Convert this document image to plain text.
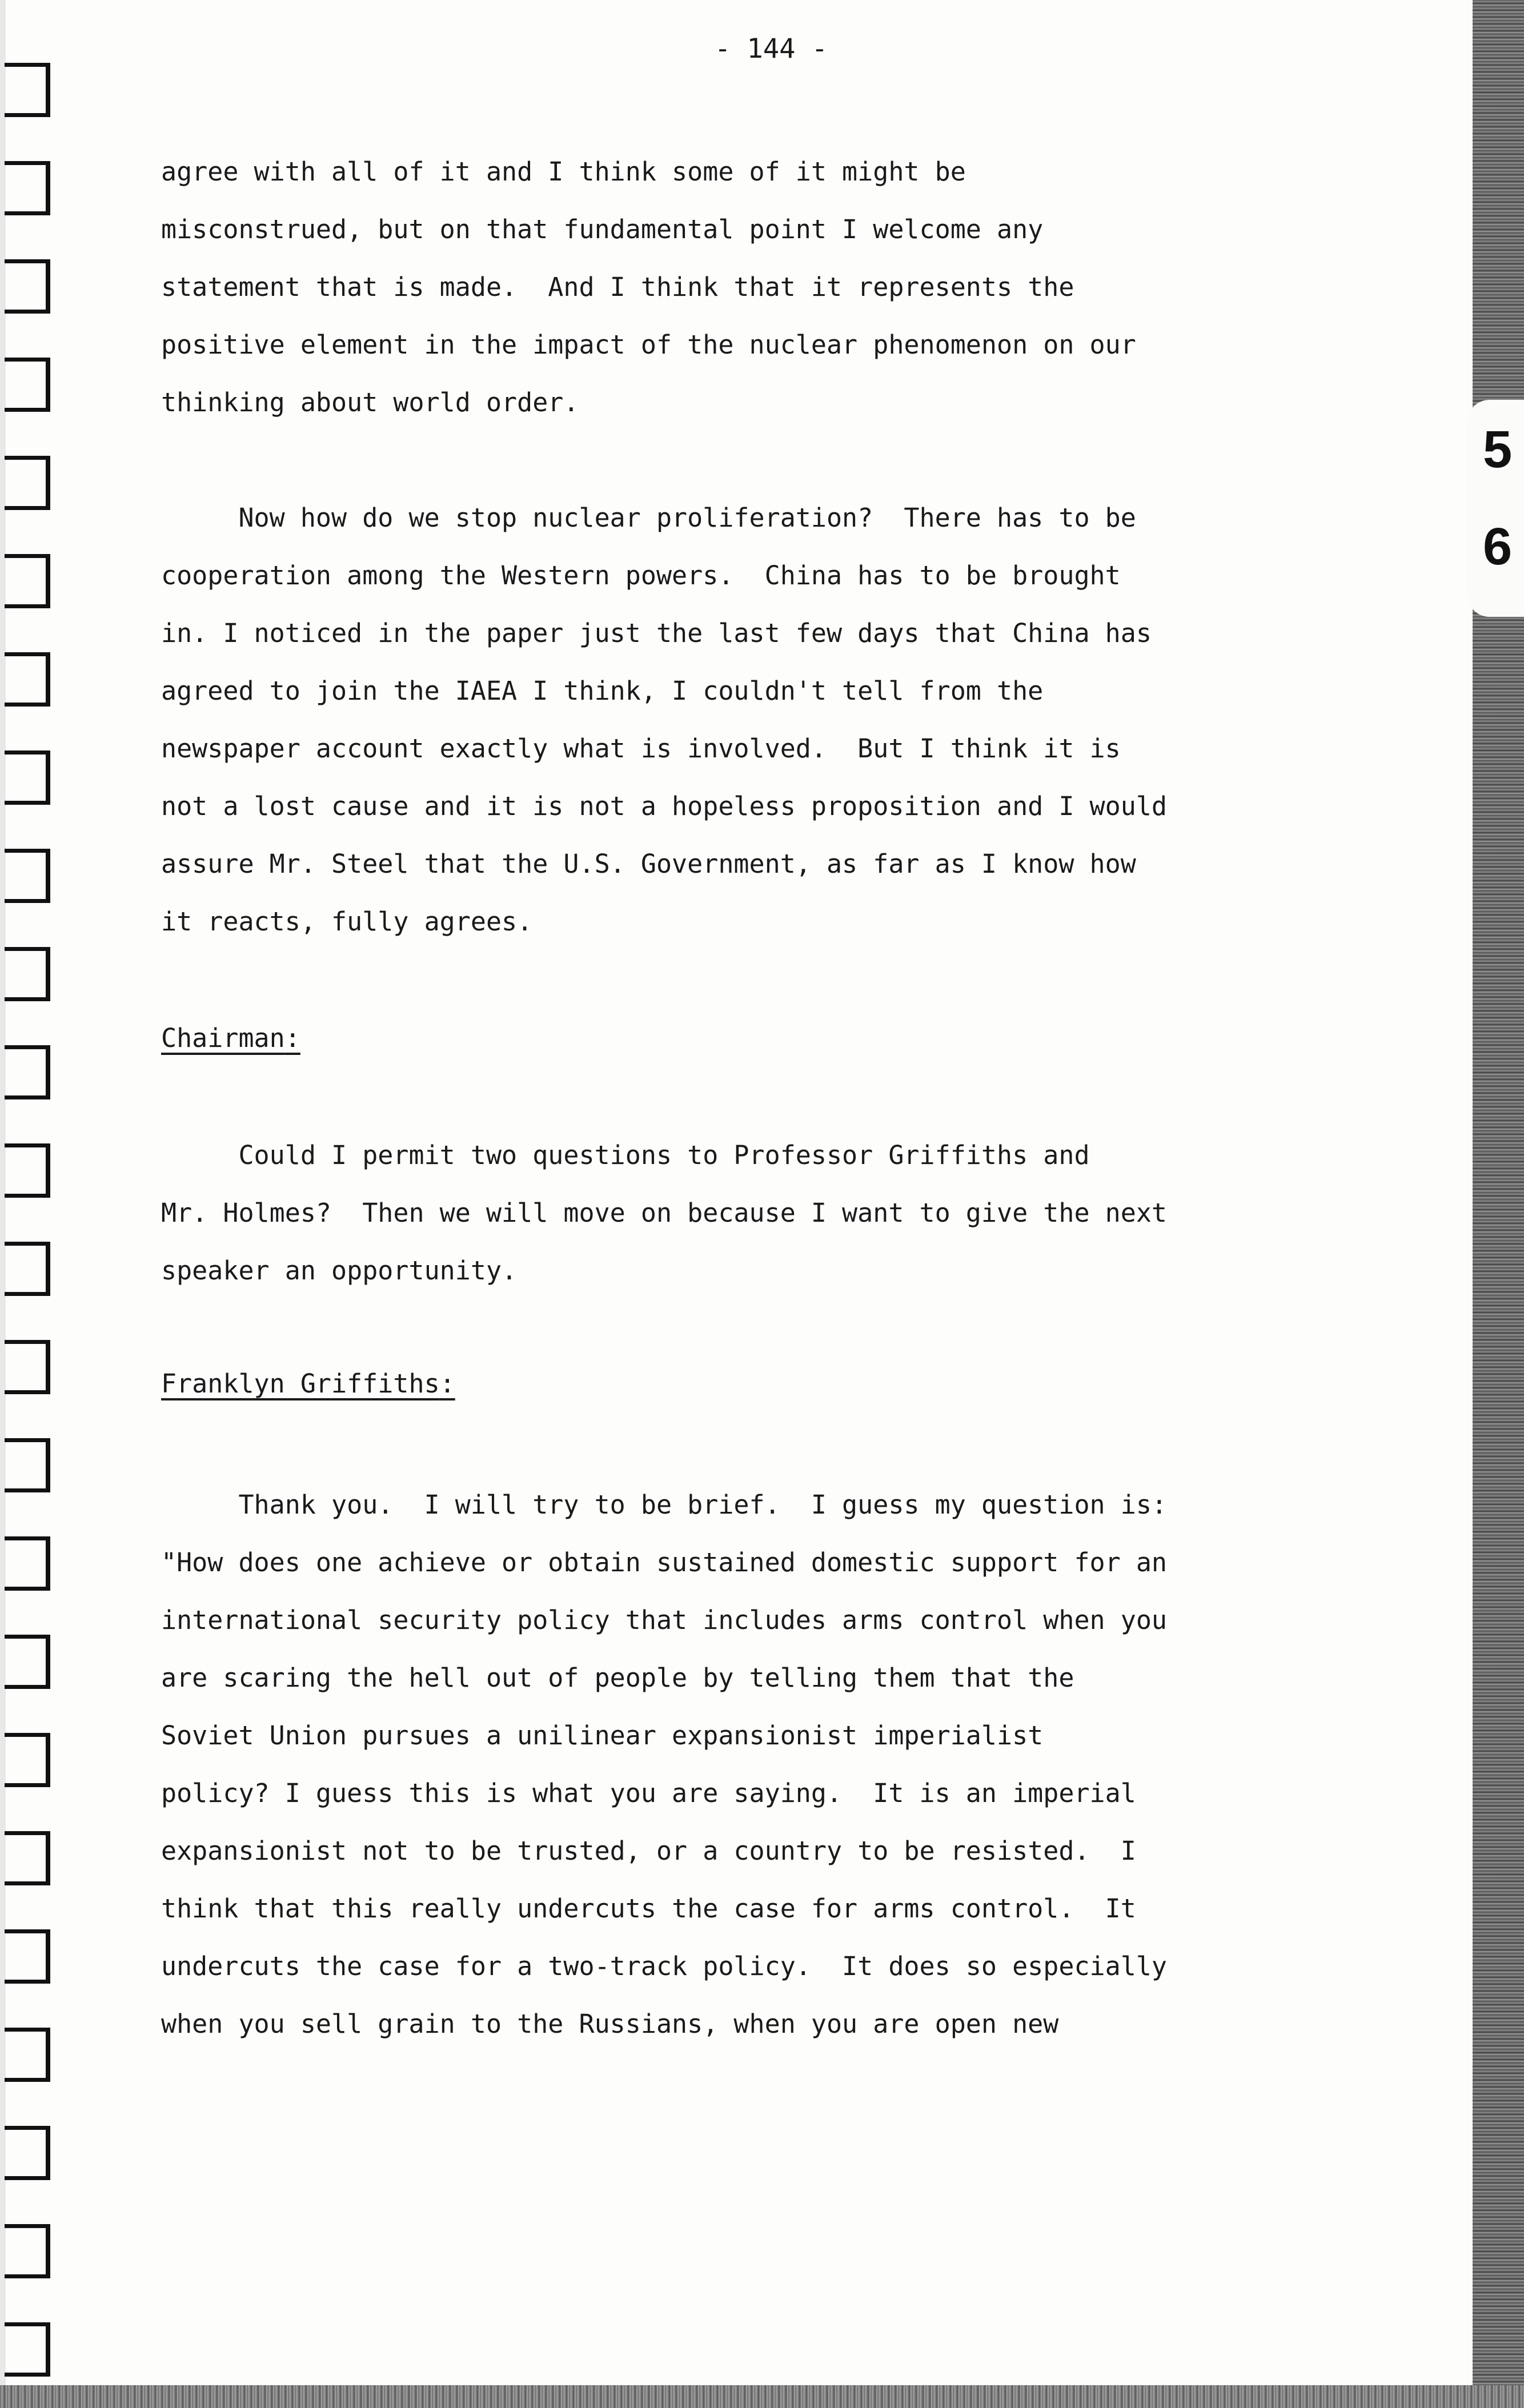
5
6
- 144 -

agree with all of it and I think some of it might be
misconstrued, but on that fundamental point I welcome any
statement that is made.  And I think that it represents the
positive element in the impact of the nuclear phenomenon on our
thinking about world order.

Now how do we stop nuclear proliferation?  There has to be
cooperation among the Western powers.  China has to be brought
in. I noticed in the paper just the last few days that China has
agreed to join the IAEA I think, I couldn't tell from the
newspaper account exactly what is involved.  But I think it is
not a lost cause and it is not a hopeless proposition and I would
assure Mr. Steel that the U.S. Government, as far as I know how
it reacts, fully agrees.

Chairman:

Could I permit two questions to Professor Griffiths and
Mr. Holmes?  Then we will move on because I want to give the next
speaker an opportunity.

Franklyn Griffiths:

Thank you.  I will try to be brief.  I guess my question is:
"How does one achieve or obtain sustained domestic support for an
international security policy that includes arms control when you
are scaring the hell out of people by telling them that the
Soviet Union pursues a unilinear expansionist imperialist
policy? I guess this is what you are saying.  It is an imperial
expansionist not to be trusted, or a country to be resisted.  I
think that this really undercuts the case for arms control.  It
undercuts the case for a two-track policy.  It does so especially
when you sell grain to the Russians, when you are open new
